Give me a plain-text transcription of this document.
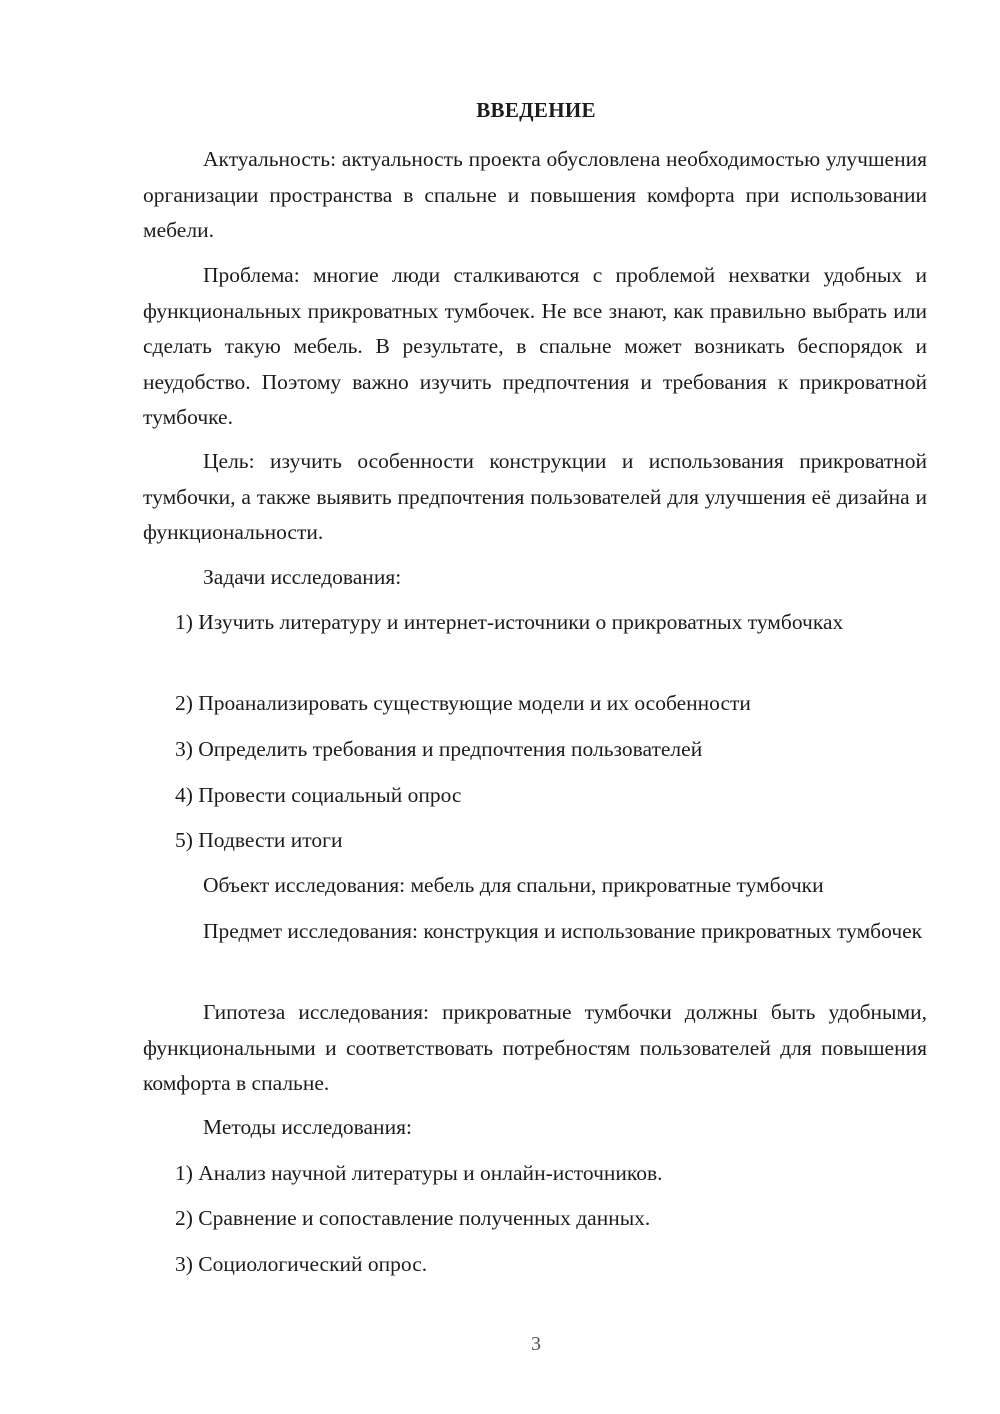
ВВЕДЕНИЕ

Актуальность: актуальность проекта обусловлена необходимостью улучшения организации пространства в спальне и повышения комфорта при использовании мебели.

Проблема: многие люди сталкиваются с проблемой нехватки удобных и функциональных прикроватных тумбочек. Не все знают, как правильно выбрать или сделать такую мебель. В результате, в спальне может возникать беспорядок и неудобство. Поэтому важно изучить предпочтения и требования к прикроватной тумбочке.

Цель: изучить особенности конструкции и использования прикроватной тумбочки, а также выявить предпочтения пользователей для улучшения её дизайна и функциональности.

Задачи исследования:

1) Изучить литературу и интернет-источники о прикроватных тумбочках

2) Проанализировать существующие модели и их особенности

3) Определить требования и предпочтения пользователей

4) Провести социальный опрос

5) Подвести итоги

Объект исследования: мебель для спальни, прикроватные тумбочки

Предмет исследования: конструкция и использование прикроватных тумбочек

Гипотеза исследования: прикроватные тумбочки должны быть удобными, функциональными и соответствовать потребностям пользователей для повышения комфорта в спальне.

Методы исследования:

1) Анализ научной литературы и онлайн-источников.

2) Сравнение и сопоставление полученных данных.

3) Социологический опрос.

3
